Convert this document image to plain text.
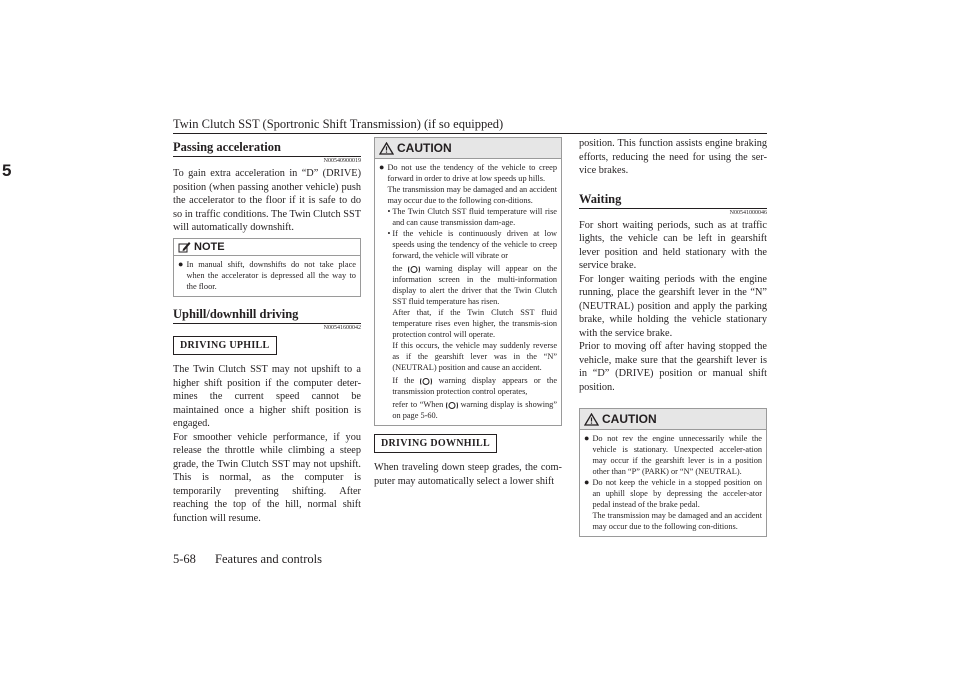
Twin Clutch SST (Sportronic Shift Transmission) (if so equipped)
5
Passing acceleration
N00540900019

To gain extra acceleration in “D” (DRIVE) position (when passing another vehicle) push the accelerator to the floor if it is safe to do so in traffic conditions. The Twin Clutch SST will automatically downshift.

NOTE
● In manual shift, downshifts do not take place when the accelerator is depressed all the way to the floor.
Uphill/downhill driving
N00541600042
DRIVING UPHILL

The Twin Clutch SST may not upshift to a higher shift position if the computer deter-mines the current speed cannot be maintained once a higher shift position is engaged.

For smoother vehicle performance, if you release the throttle while climbing a steep grade, the Twin Clutch SST may not upshift. This is normal, as the computer is temporarily preventing shifting. After reaching the top of the hill, normal shift function will resume.

CAUTION
● Do not use the tendency of the vehicle to creep forward in order to drive at low speeds up hills.
The transmission may be damaged and an accident may occur due to the following con-ditions.
• The Twin Clutch SST fluid temperature will rise and can cause transmission dam-age.
• If the vehicle is continuously driven at low speeds using the tendency of the vehicle to creep forward, the vehicle will vibrate or
the	warning display will appear on the information screen in the multi-information display to alert the driver that the Twin Clutch SST fluid temperature has risen.
After that, if the Twin Clutch SST fluid temperature rises even higher, the transmis-sion protection control will operate.
If this occurs, the vehicle may suddenly reverse as if the gearshift lever was in the “N” (NEUTRAL) position and cause an accident.
If the	warning display appears or the transmission protection control operates,
refer to “When warning display is showing” on page 5-60.
DRIVING DOWNHILL

When traveling down steep grades, the com-puter may automatically select a lower shift

position. This function assists engine braking efforts, reducing the need for using the ser-vice brakes.

Waiting
N00541000046

For short waiting periods, such as at traffic lights, the vehicle can be left in gearshift lever position and held stationary with the service brake.

For longer waiting periods with the engine running, place the gearshift lever in the “N” (NEUTRAL) position and apply the parking brake, while holding the vehicle stationary with the service brake.

Prior to moving off after having stopped the vehicle, make sure that the gearshift lever is in “D” (DRIVE) position or manual shift position.

CAUTION
● Do not rev the engine unnecessarily while the vehicle is stationary. Unexpected acceler-ation may occur if the gearshift lever is in a position other than “P” (PARK) or “N” (NEUTRAL).
● Do not keep the vehicle in a stopped position on an uphill slope by depressing the acceler-ator pedal instead of the brake pedal.
The transmission may be damaged and an accident may occur due to the following con-ditions.
5-68 Features and controls
